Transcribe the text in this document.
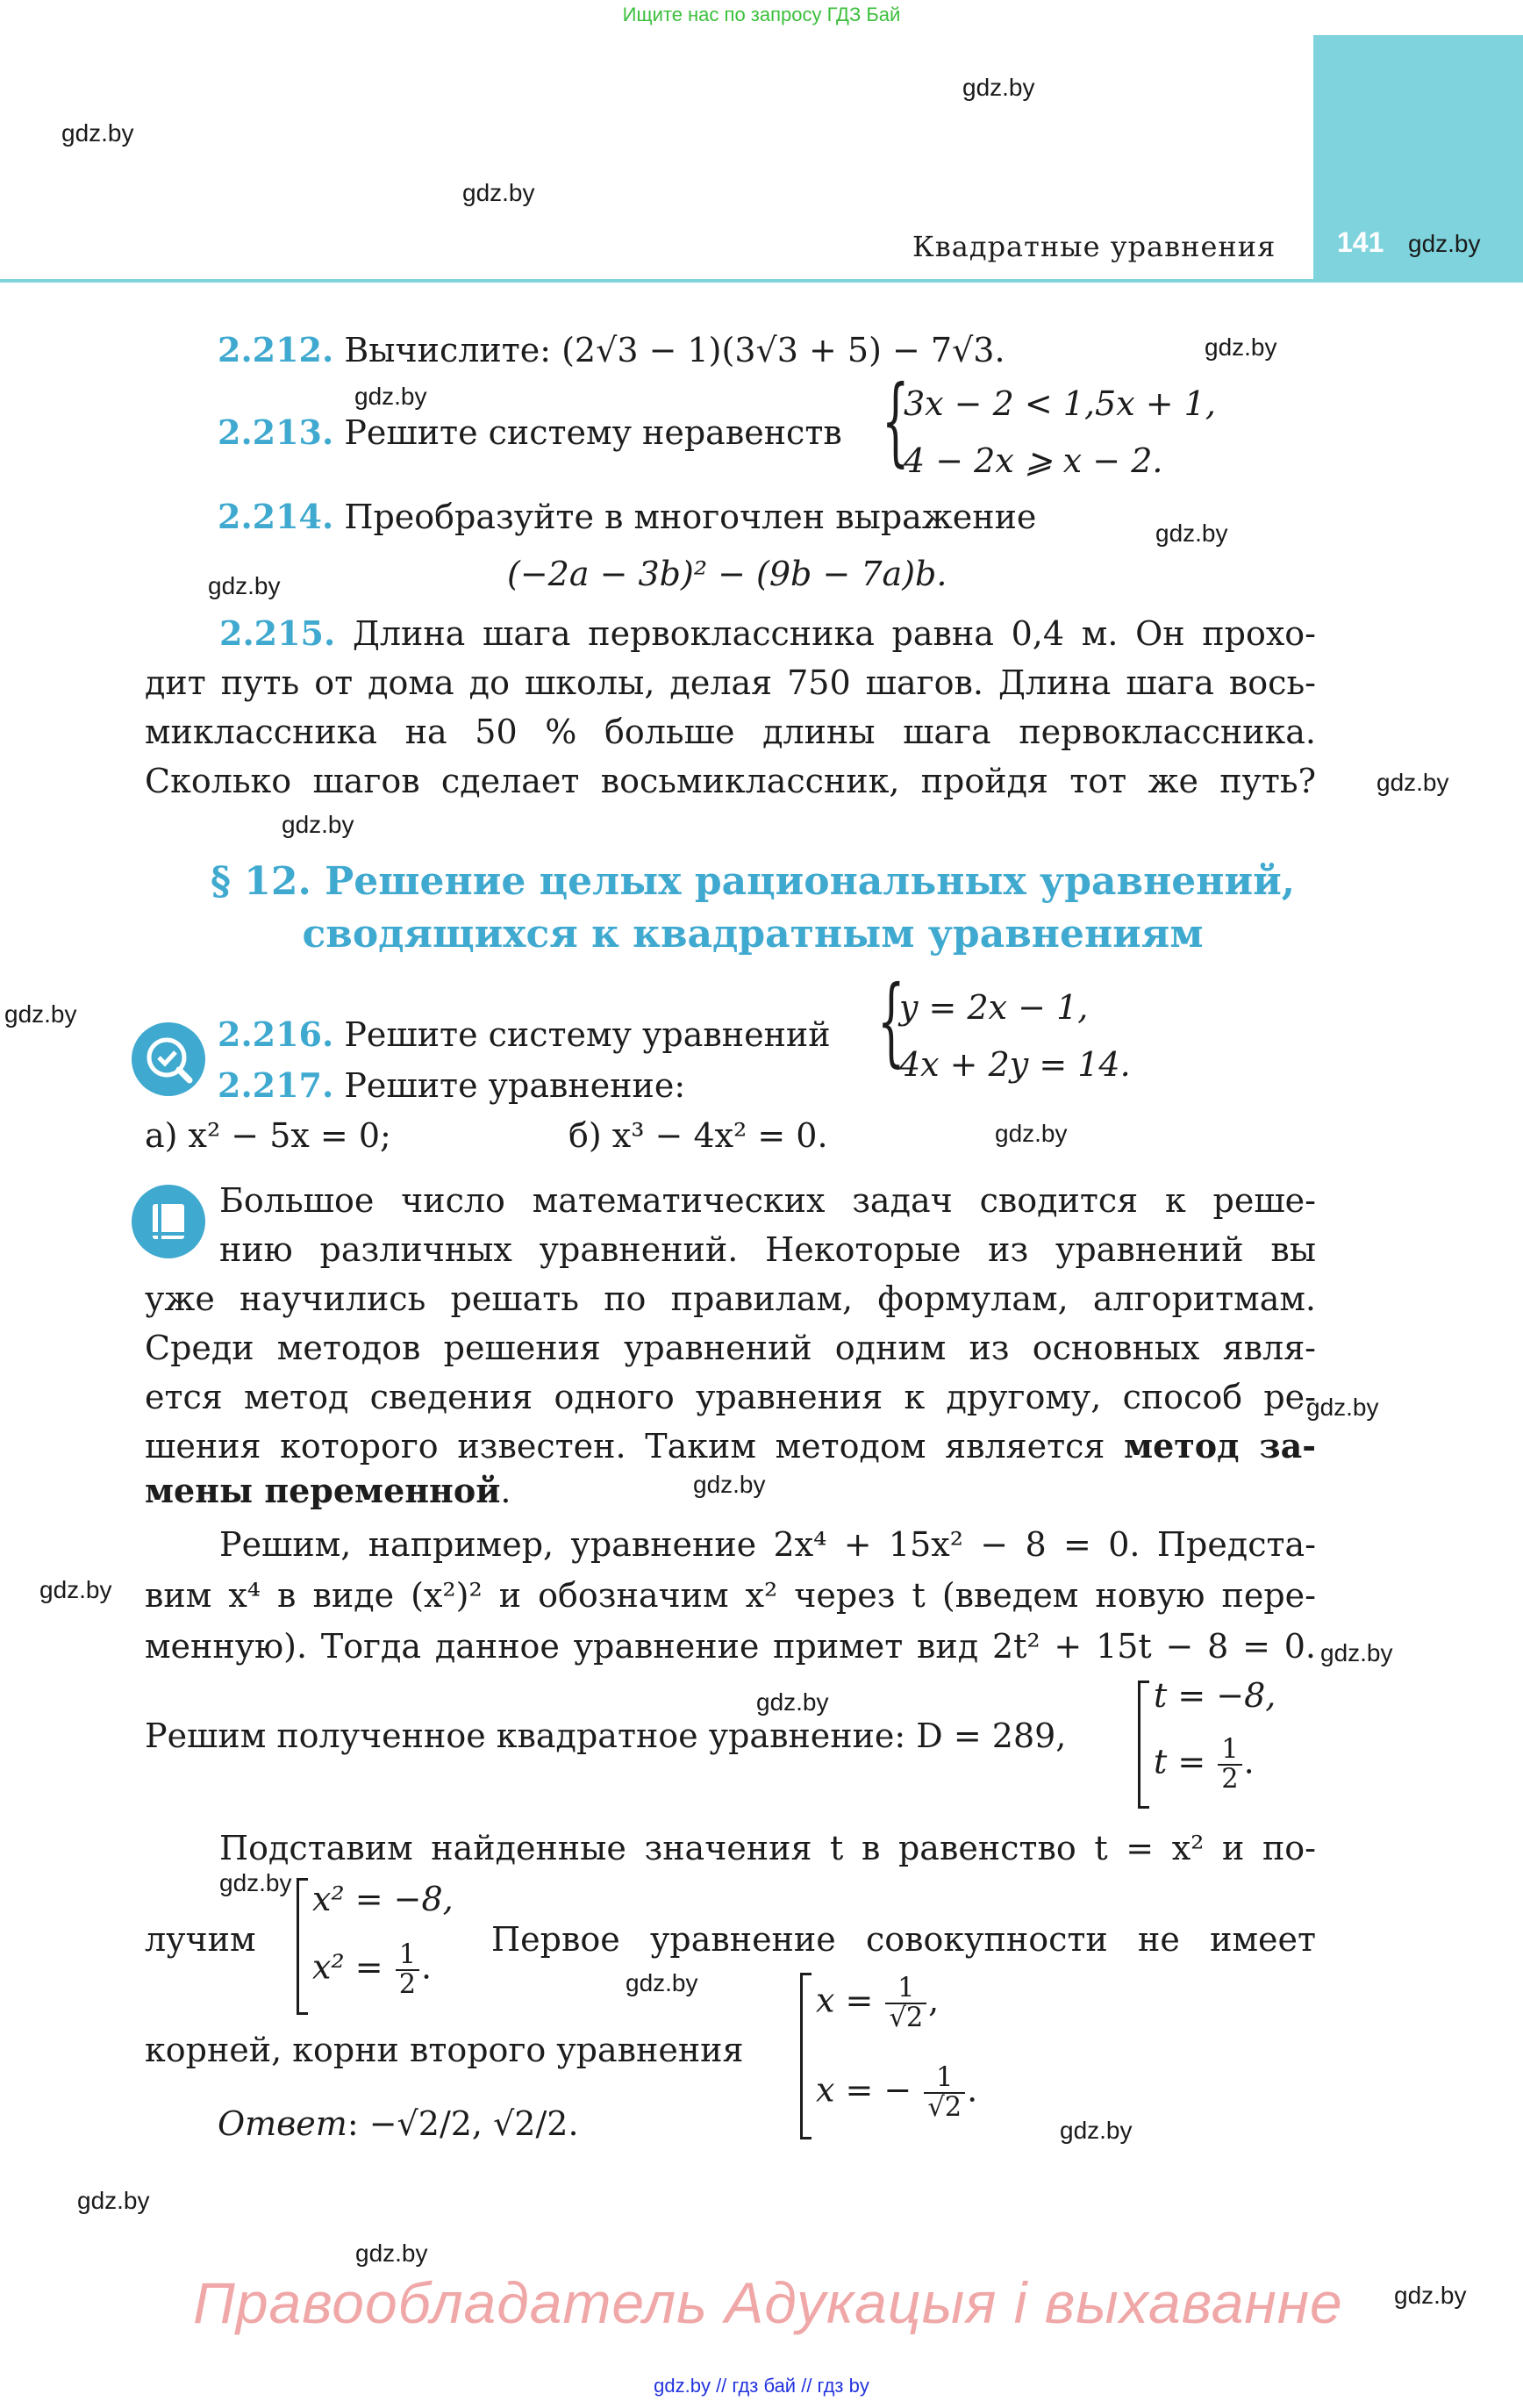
Ищите нас по запросу ГДЗ Бай
Квадратные уравнения 141
gdz.by
gdz.by
gdz.by
gdz.by
gdz.by
gdz.by
gdz.by
gdz.by
gdz.by
gdz.by
gdz.by
gdz.by
gdz.by
gdz.by
gdz.by
gdz.by
gdz.by
gdz.by
gdz.by
gdz.by
gdz.by
gdz.by
gdz.by
2.212. Вычислите: (2√3 − 1)(3√3 + 5) − 7√3.
2.213. Решите систему неравенств {
3x − 2 < 1,5x + 1,
4 − 2x ⩾ x − 2.
2.214. Преобразуйте в многочлен выражение
(−2a − 3b)² − (9b − 7a)b.
2.215. Длина шага первоклассника равна 0,4 м. Он прохо-
дит путь от дома до школы, делая 750 шагов. Длина шага вось-
миклассника на 50 % больше длины шага первоклассника.
Сколько шагов сделает восьмиклассник, пройдя тот же путь?
§ 12. Решение целых рациональных уравнений,
сводящихся к квадратным уравнениям
2.216. Решите систему уравнений {
y = 2x − 1,
4x + 2y = 14.
2.217. Решите уравнение:
а) x² − 5x = 0;	б) x³ − 4x² = 0.
Большое число математических задач сводится к реше-
нию различных уравнений. Некоторые из уравнений вы
уже научились решать по правилам, формулам, алгоритмам.
Среди методов решения уравнений одним из основных явля-
ется метод сведения одного уравнения к другому, способ ре-
шения которого известен. Таким методом является метод за-
мены переменной.
Решим, например, уравнение 2x⁴ + 15x² − 8 = 0. Предста-
вим x⁴ в виде (x²)² и обозначим x² через t (введем новую пере-
менную). Тогда данное уравнение примет вид 2t² + 15t − 8 = 0.
Решим полученное квадратное уравнение: D = 289,
t = −8,
$t = \frac{1}{2}$ .
Подставим найденные значения t в равенство t = x² и по-
лучим
x² = −8,
$x^2 = \frac{1}{2}$ .
Первое уравнение совокупности не имеет
корней, корни второго уравнения
$x = \frac{1}{√2}$ ,
x = − $\frac{1}{√2}$ .
Ответ: −√2/2, √2/2.
Правообладатель Адукацыя і выхаванне
gdz.by // гдз бай // гдз by
